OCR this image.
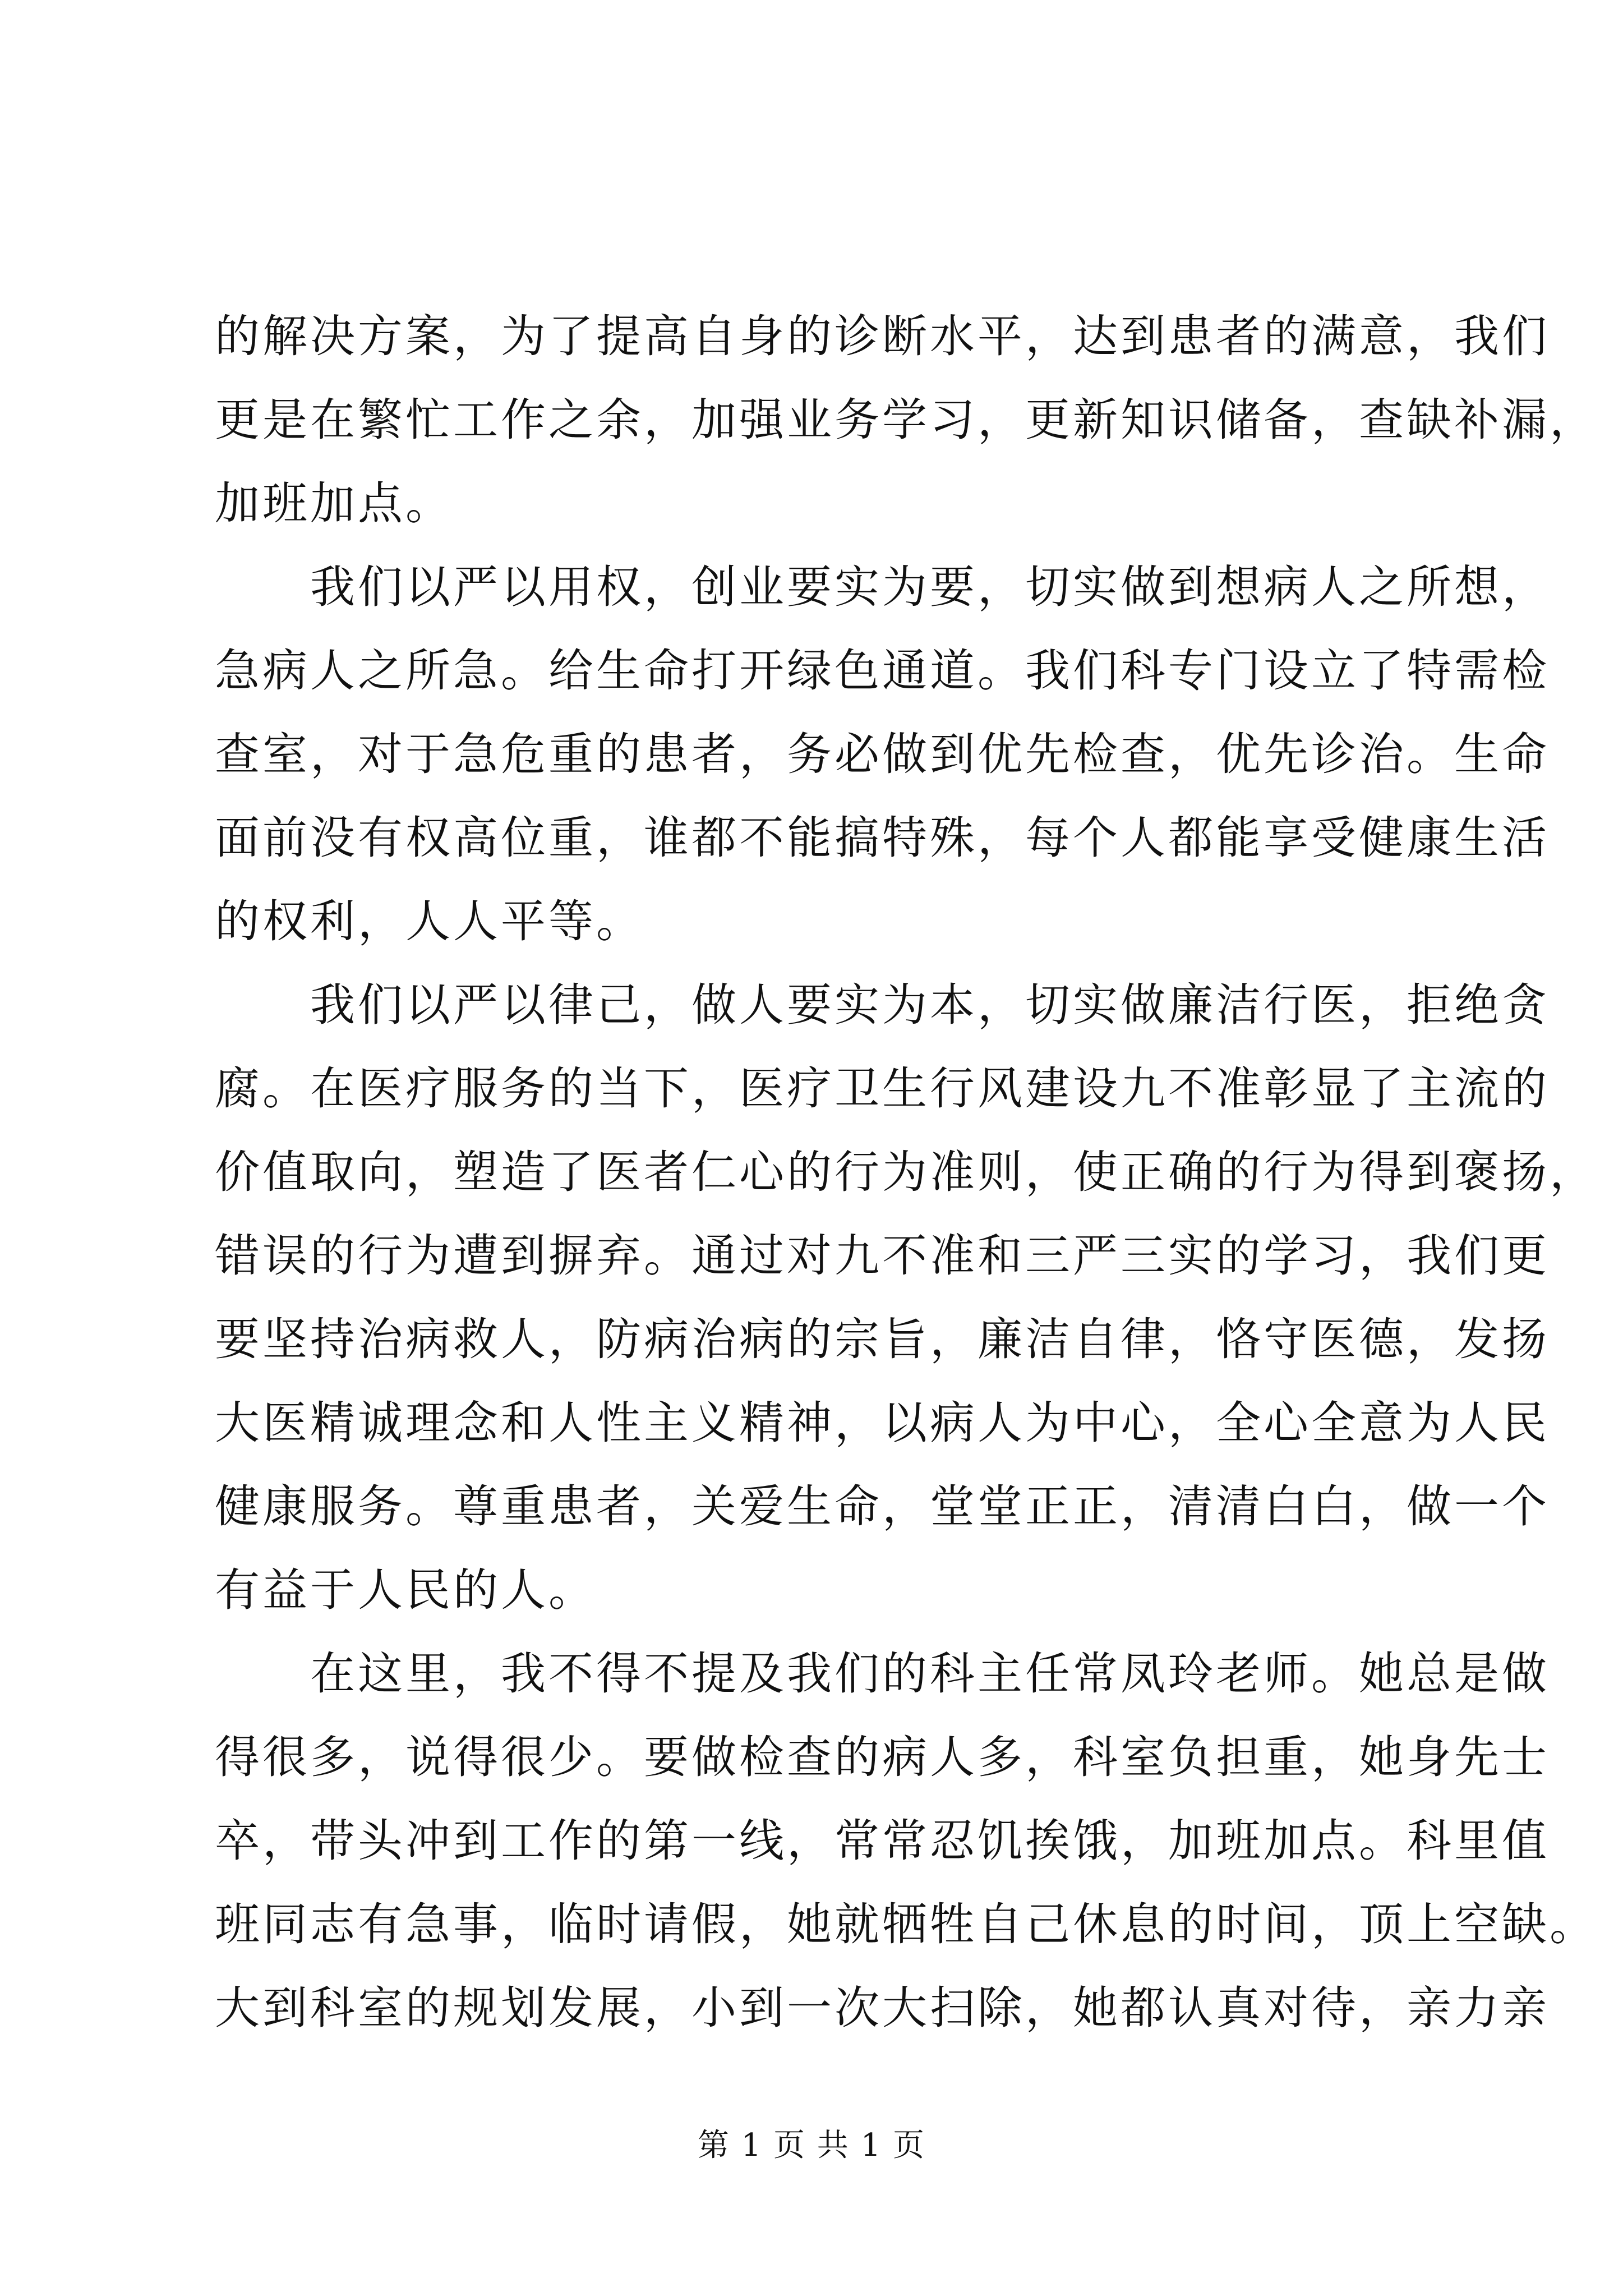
的解决方案，为了提高自身的诊断水平，达到患者的满意，我们
更是在繁忙工作之余，加强业务学习，更新知识储备，查缺补漏，
加班加点。
我们以严以用权，创业要实为要，切实做到想病人之所想，
急病人之所急。给生命打开绿色通道。我们科专门设立了特需检
查室，对于急危重的患者，务必做到优先检查，优先诊治。生命
面前没有权高位重，谁都不能搞特殊，每个人都能享受健康生活
的权利，人人平等。
我们以严以律己，做人要实为本，切实做廉洁行医，拒绝贪
腐。在医疗服务的当下，医疗卫生行风建设九不准彰显了主流的
价值取向，塑造了医者仁心的行为准则，使正确的行为得到褒扬，
错误的行为遭到摒弃。通过对九不准和三严三实的学习，我们更
要坚持治病救人，防病治病的宗旨，廉洁自律，恪守医德，发扬
大医精诚理念和人性主义精神，以病人为中心，全心全意为人民
健康服务。尊重患者，关爱生命，堂堂正正，清清白白，做一个
有益于人民的人。
在这里，我不得不提及我们的科主任常凤玲老师。她总是做
得很多，说得很少。要做检查的病人多，科室负担重，她身先士
卒，带头冲到工作的第一线，常常忍饥挨饿，加班加点。科里值
班同志有急事，临时请假，她就牺牲自己休息的时间，顶上空缺。
大到科室的规划发展，小到一次大扫除，她都认真对待，亲力亲
第 1 页 共 1 页
